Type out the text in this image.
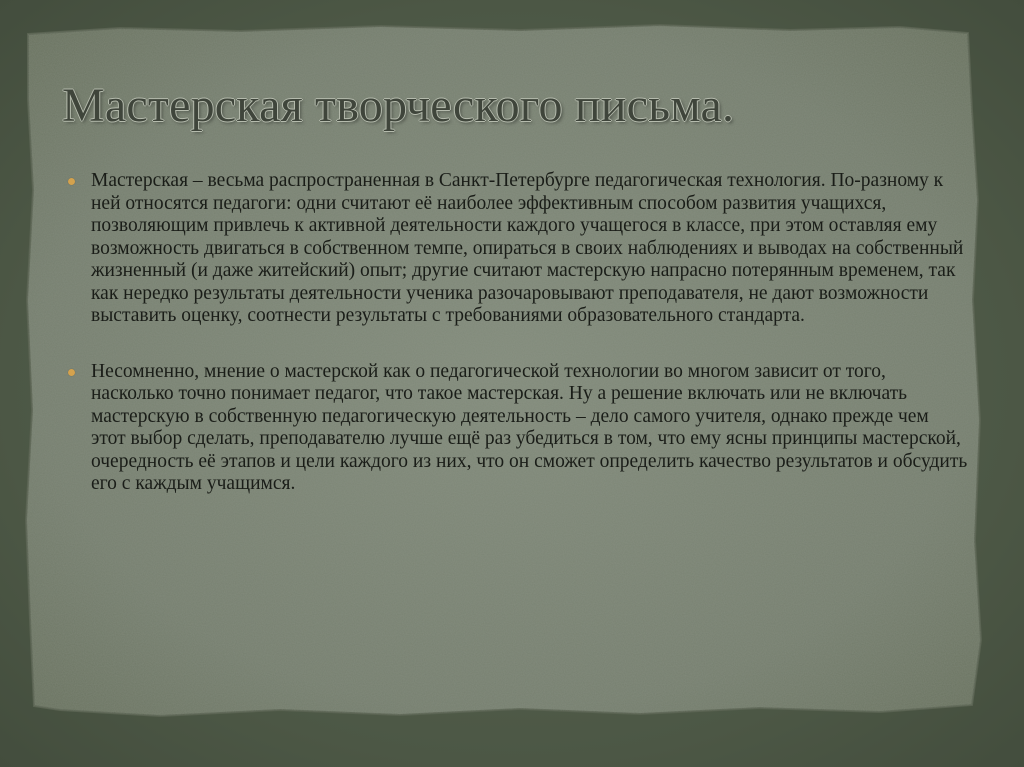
Мастерская творческого письма.
Мастерская – весьма распространенная в Санкт-Петербурге педагогическая технология. По-разному к ней относятся педагоги: одни считают её наиболее эффективным способом развития учащихся, позволяющим привлечь к активной деятельности каждого учащегося в классе, при этом оставляя ему возможность двигаться в собственном темпе, опираться в своих наблюдениях и выводах на собственный жизненный (и даже житейский) опыт; другие считают мастерскую напрасно потерянным временем, так как нередко результаты деятельности ученика разочаровывают преподавателя, не дают возможности выставить оценку, соотнести результаты с требованиями образовательного стандарта.
Несомненно, мнение о мастерской как о педагогической технологии во многом зависит от того, насколько точно понимает педагог, что такое мастерская. Ну а решение включать или не включать мастерскую в собственную педагогическую деятельность – дело самого учителя, однако прежде чем этот выбор сделать, преподавателю лучше ещё раз убедиться в том, что ему ясны принципы мастерской, очередность её этапов и цели каждого из них, что он сможет определить качество результатов и обсудить его с каждым учащимся.
